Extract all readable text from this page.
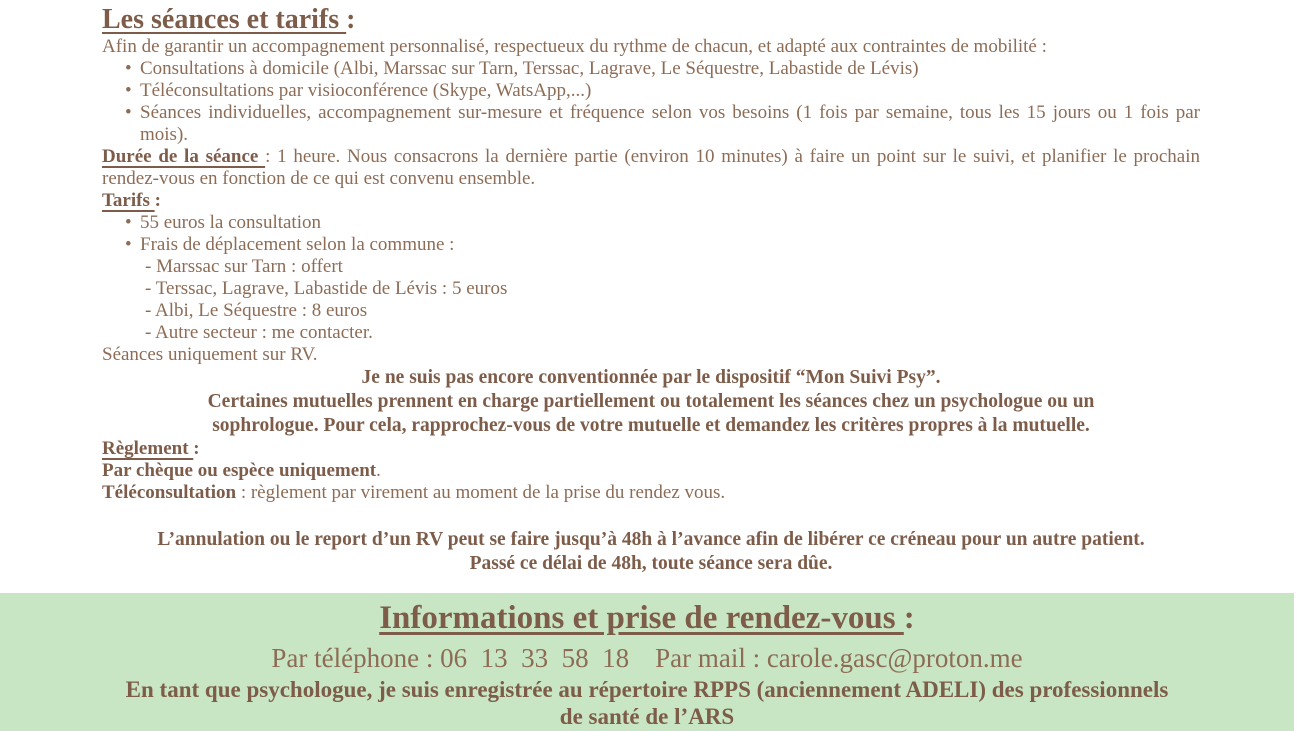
Les séances et tarifs :
Afin de garantir un accompagnement personnalisé, respectueux du rythme de chacun, et adapté aux contraintes de mobilité :
• Consultations à domicile (Albi, Marssac sur Tarn, Terssac, Lagrave, Le Séquestre, Labastide de Lévis)
• Téléconsultations par visioconférence (Skype, WatsApp,...)
• Séances individuelles, accompagnement sur-mesure et fréquence selon vos besoins (1 fois par semaine, tous les 15 jours ou 1 fois par
mois).
Durée de la séance : 1 heure. Nous consacrons la dernière partie (environ 10 minutes) à faire un point sur le suivi, et planifier le prochain
rendez-vous en fonction de ce qui est convenu ensemble.
Tarifs :
• 55 euros la consultation
• Frais de déplacement selon la commune :
- Marssac sur Tarn : offert
- Terssac, Lagrave, Labastide de Lévis : 5 euros
- Albi, Le Séquestre : 8 euros
- Autre secteur : me contacter.
Séances uniquement sur RV.
Je ne suis pas encore conventionnée par le dispositif “Mon Suivi Psy”.
Certaines mutuelles prennent en charge partiellement ou totalement les séances chez un psychologue ou un
sophrologue. Pour cela, rapprochez-vous de votre mutuelle et demandez les critères propres à la mutuelle.
Règlement :
Par chèque ou espèce uniquement.
Téléconsultation : règlement par virement au moment de la prise du rendez vous.
L’annulation ou le report d’un RV peut se faire jusqu’à 48h à l’avance afin de libérer ce créneau pour un autre patient.
Passé ce délai de 48h, toute séance sera dûe.
Informations et prise de rendez-vous :
Par téléphone : 06  13  33  58  18 Par mail : carole.gasc@proton.me
En tant que psychologue, je suis enregistrée au répertoire RPPS (anciennement ADELI) des professionnels
de santé de l’ARS
